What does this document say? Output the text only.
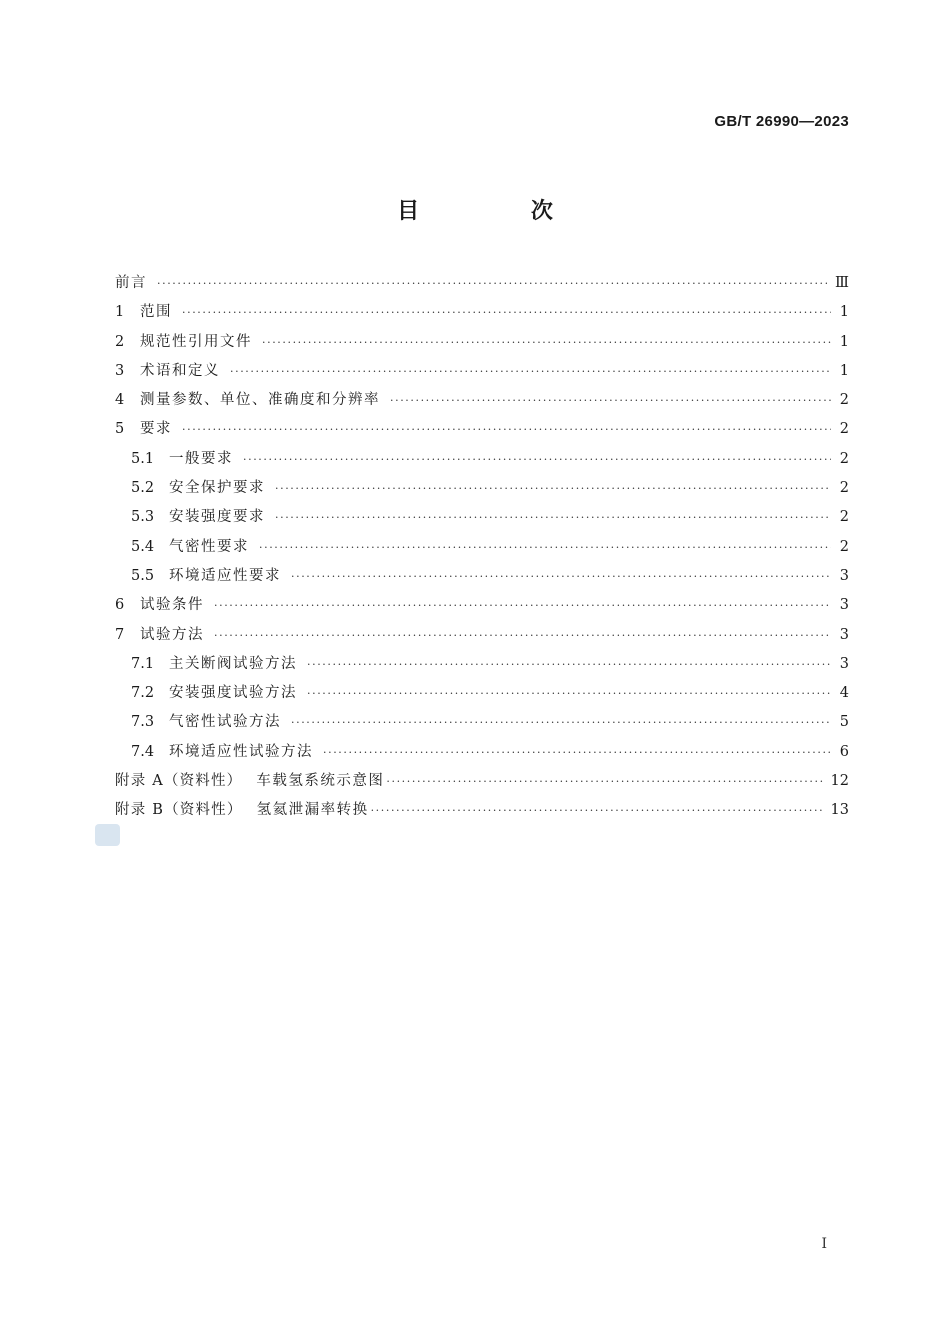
GB/T 26990—2023
目 次
前言 ·····	Ⅲ
1	范围 ·····	1
2	规范性引用文件 ·····	1
3	术语和定义 ·····	1
4	测量参数、单位、准确度和分辨率 ·····	2
5	要求 ·····	2
5.1	一般要求 ·····	2
5.2	安全保护要求 ·····	2
5.3	安装强度要求 ·····	2
5.4	气密性要求 ·····	2
5.5	环境适应性要求 ·····	3
6	试验条件 ·····	3
7	试验方法 ·····	3
7.1	主关断阀试验方法 ·····	3
7.2	安装强度试验方法 ·····	4
7.3	气密性试验方法 ·····	5
7.4	环境适应性试验方法 ·····	6
附录 A（资料性） 车载氢系统示意图 ·····	12
附录 B（资料性） 氢氦泄漏率转换 ·····	13
Ⅰ
